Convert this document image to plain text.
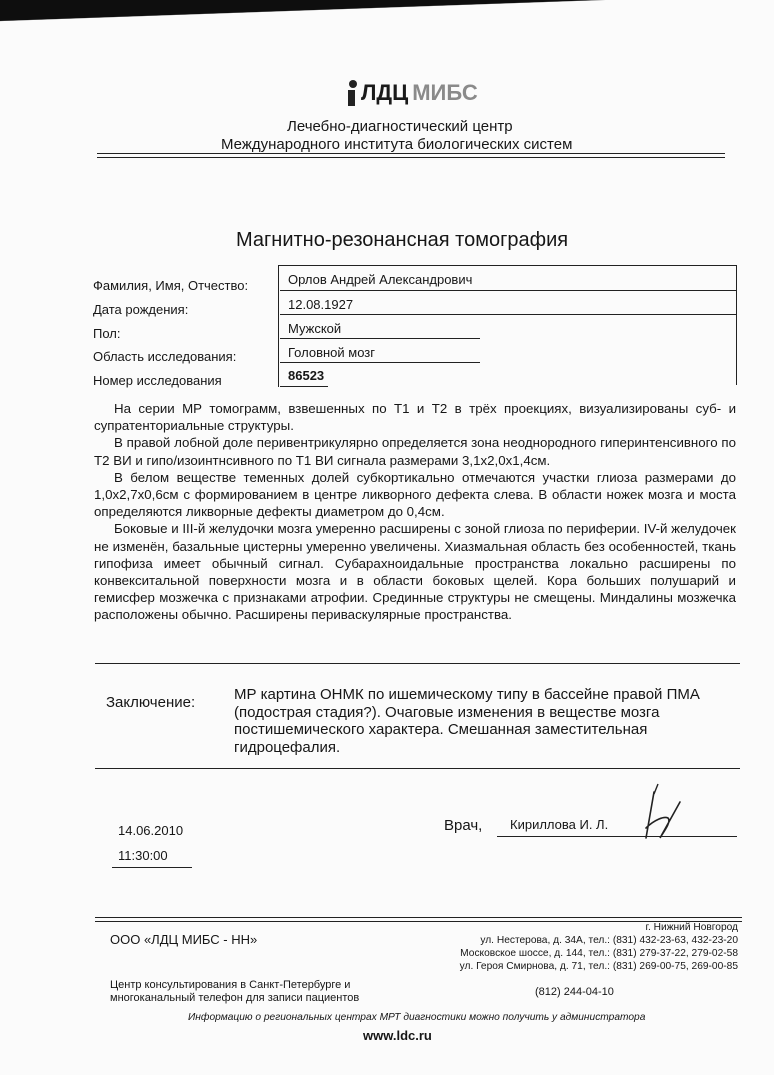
ЛДЦ МИБС
Лечебно-диагностический центр
Международного института биологических систем
Магнитно-резонансная томография
Фамилия, Имя, Отчество:	Орлов Андрей Александрович
Дата рождения:	12.08.1927
Пол:	Мужской
Область исследования:	Головной мозг
Номер исследования	86523

На серии МР томограмм, взвешенных по Т1 и Т2 в трёх проекциях, визуализированы суб- и супратенториальные структуры.

В правой лобной доле перивентрикулярно определяется зона неоднородного гиперинтенсивного по Т2 ВИ и гипо/изоинтнсивного по Т1 ВИ сигнала размерами 3,1х2,0х1,4см.

В белом веществе теменных долей субкортикально отмечаются участки глиоза размерами до 1,0х2,7х0,6см с формированием в центре ликворного дефекта слева. В области ножек мозга и моста определяются ликворные дефекты диаметром до 0,4см.

Боковые и III-й желудочки мозга умеренно расширены с зоной глиоза по периферии. IV-й желудочек не изменён, базальные цистерны умеренно увеличены. Хиазмальная область без особенностей, ткань гипофиза имеет обычный сигнал. Субарахноидальные пространства локально расширены по конвекситальной поверхности мозга и в области боковых щелей. Кора больших полушарий и гемисфер мозжечка с признаками атрофии. Срединные структуры не смещены. Миндалины мозжечка расположены обычно. Расширены периваскулярные пространства.

Заключение:	МР картина ОНМК по ишемическому типу в бассейне правой ПМА (подострая стадия?). Очаговые изменения в веществе мозга постишемического характера. Смешанная заместительная гидроцефалия.
14.06.2010
11:30:00
Врач, Кириллова И. Л.
ООО «ЛДЦ МИБС - НН»
г. Нижний Новгород
ул. Нестерова, д. 34А, тел.: (831) 432-23-63, 432-23-20
Московское шоссе, д. 144, тел.: (831) 279-37-22, 279-02-58
ул. Героя Смирнова, д. 71, тел.: (831) 269-00-75, 269-00-85
Центр консультирования в Санкт-Петербурге и
многоканальный телефон для записи пациентов	(812) 244-04-10
Информацию о региональных центрах МРТ диагностики можно получить у администратора
www.ldc.ru
